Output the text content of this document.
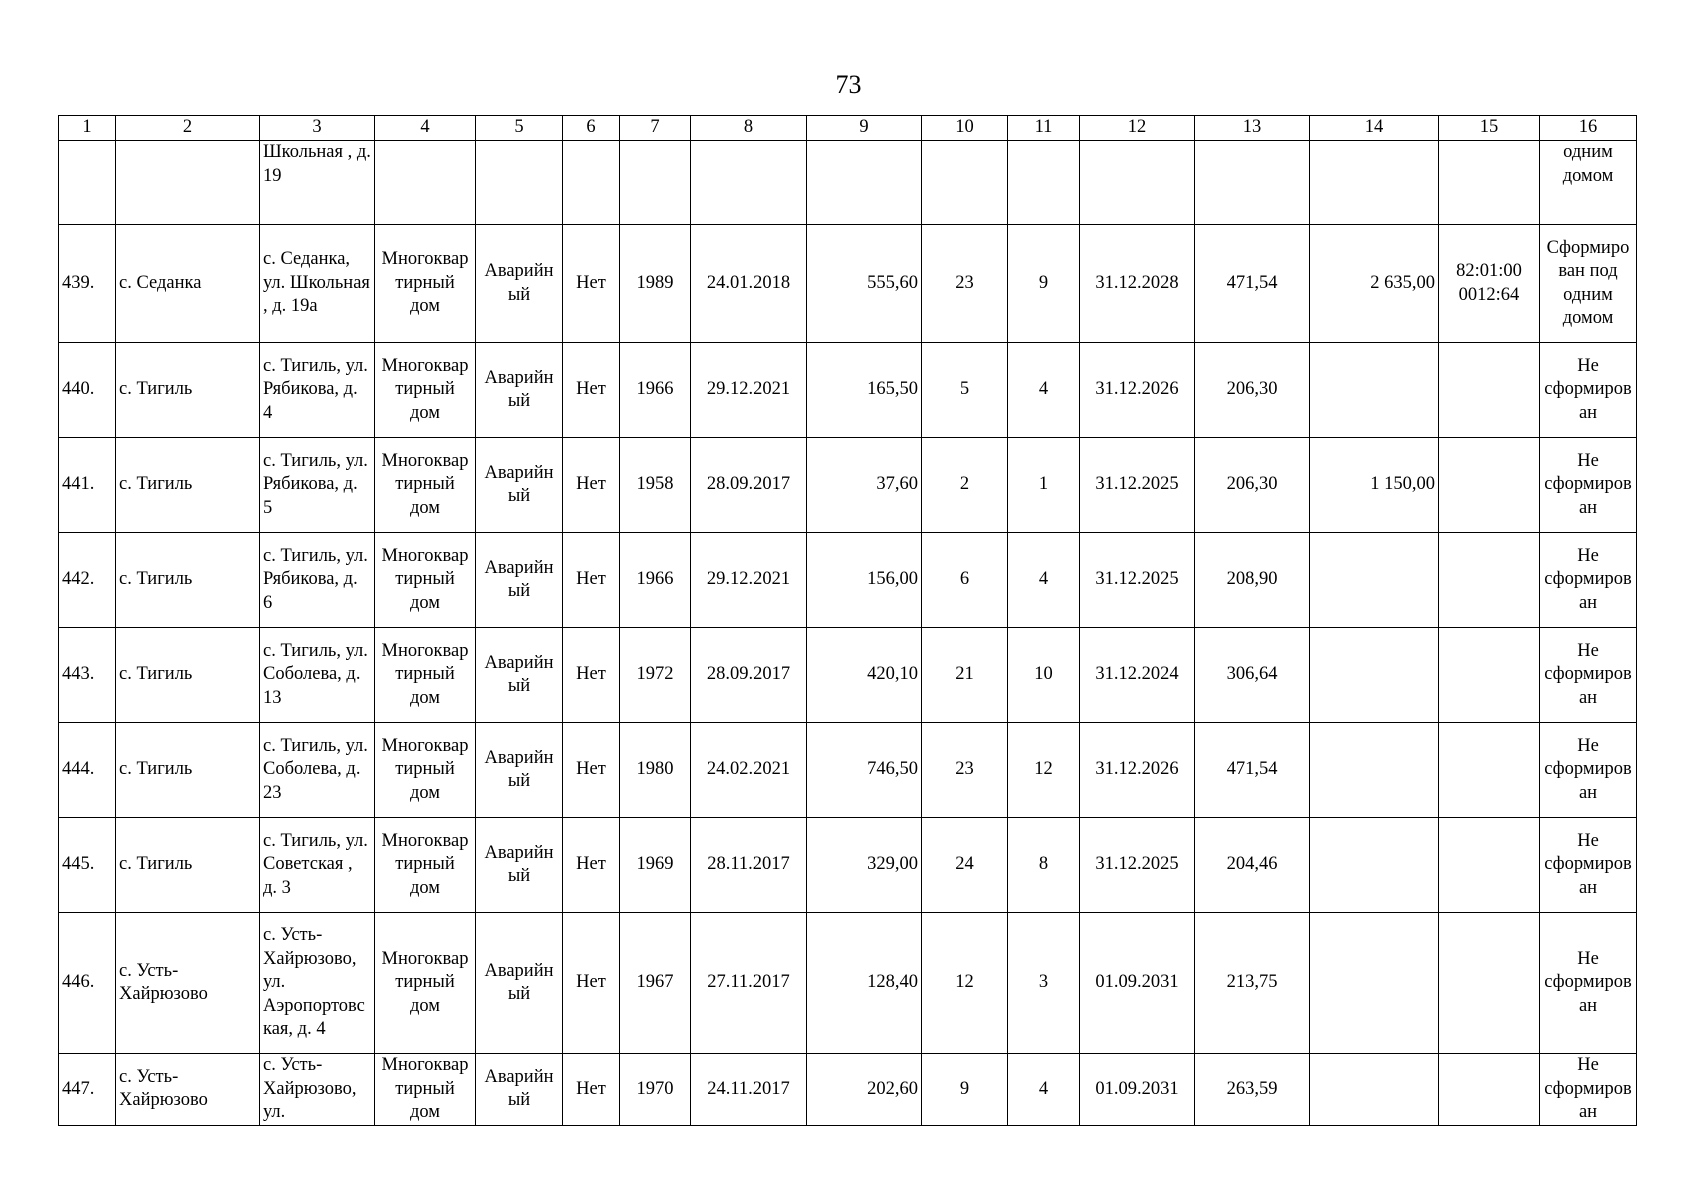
73
1	2	3	4	5	6	7	8	9	10	11	12	13	14	15	16
		Школьная , д. 19													одним домом
439.	с. Седанка	с. Седанка, ул. Школьная , д. 19а	Многоквартирный дом	Аварийный	Нет	1989	24.01.2018	555,60	23	9	31.12.2028	471,54	2 635,00	82:01:00 0012:64	Сформирован под одним домом
440.	с. Тигиль	с. Тигиль, ул. Рябикова, д. 4	Многоквартирный дом	Аварийный	Нет	1966	29.12.2021	165,50	5	4	31.12.2026	206,30			Не сформирован
441.	с. Тигиль	с. Тигиль, ул. Рябикова, д. 5	Многоквартирный дом	Аварийный	Нет	1958	28.09.2017	37,60	2	1	31.12.2025	206,30	1 150,00		Не сформирован
442.	с. Тигиль	с. Тигиль, ул. Рябикова, д. 6	Многоквартирный дом	Аварийный	Нет	1966	29.12.2021	156,00	6	4	31.12.2025	208,90			Не сформирован
443.	с. Тигиль	с. Тигиль, ул. Соболева, д. 13	Многоквартирный дом	Аварийный	Нет	1972	28.09.2017	420,10	21	10	31.12.2024	306,64			Не сформирован
444.	с. Тигиль	с. Тигиль, ул. Соболева, д. 23	Многоквартирный дом	Аварийный	Нет	1980	24.02.2021	746,50	23	12	31.12.2026	471,54			Не сформирован
445.	с. Тигиль	с. Тигиль, ул. Советская , д. 3	Многоквартирный дом	Аварийный	Нет	1969	28.11.2017	329,00	24	8	31.12.2025	204,46			Не сформирован
446.	с. Усть-Хайрюзово	с. Усть-Хайрюзово, ул. Аэропортовская, д. 4	Многоквартирный дом	Аварийный	Нет	1967	27.11.2017	128,40	12	3	01.09.2031	213,75			Не сформирован
447.	с. Усть-Хайрюзово	с. Усть-Хайрюзово, ул.	Многоквартирный дом	Аварийный	Нет	1970	24.11.2017	202,60	9	4	01.09.2031	263,59			Не сформирован
